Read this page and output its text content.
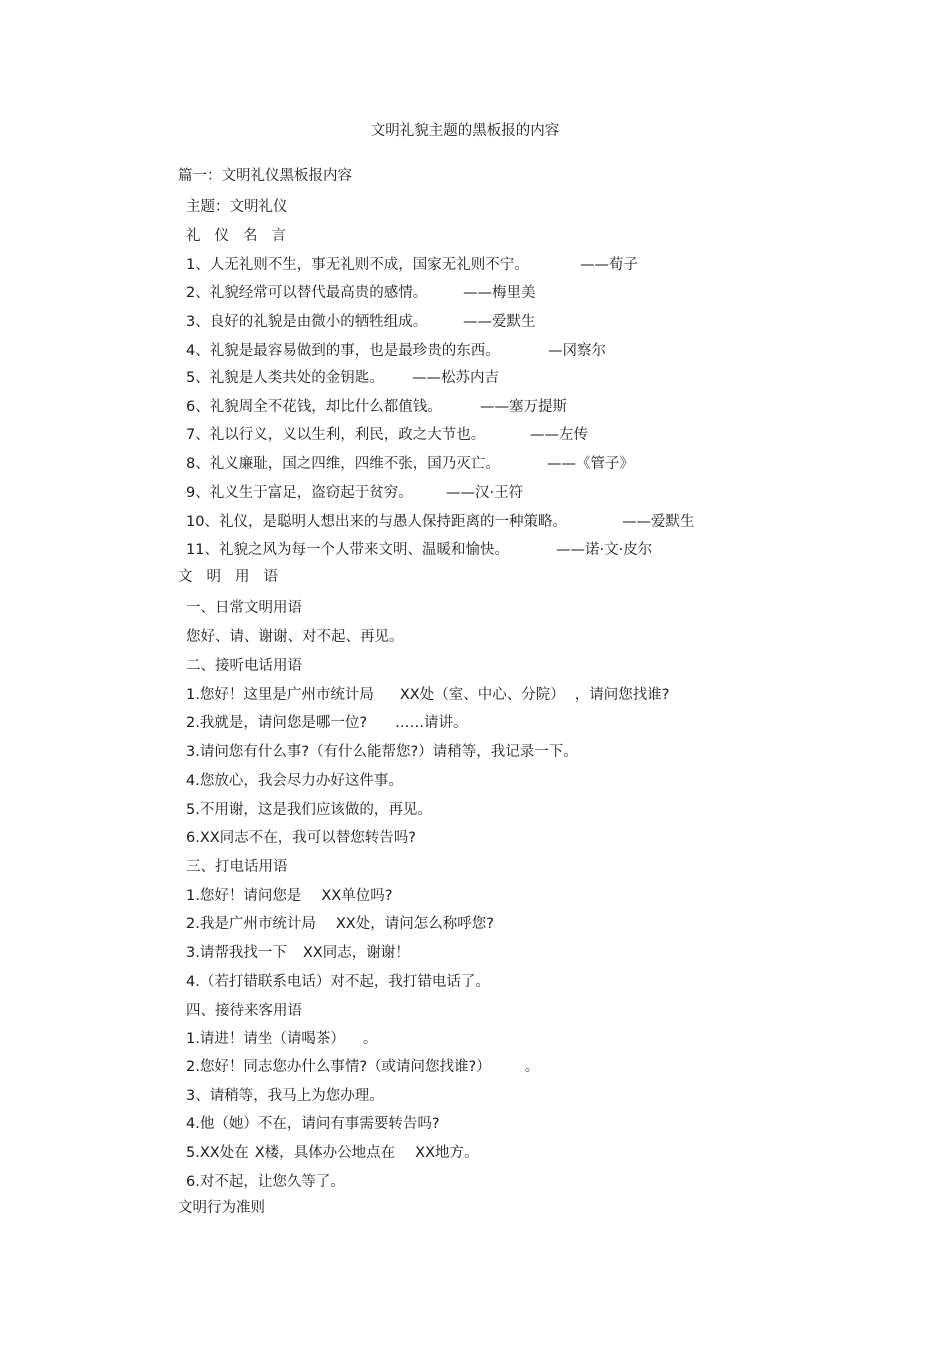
文明礼貌主题的黑板报的内容
篇一：文明礼仪黑板报内容
主题：文明礼仪
礼仪名言
1、人无礼则不生，事无礼则不成，国家无礼则不宁。	——荀子
2、礼貌经常可以替代最高贵的感情。 ——梅里美
3、良好的礼貌是由微小的牺牲组成。 ——爱默生
4、礼貌是最容易做到的事，也是最珍贵的东西。	—冈察尔
5、礼貌是人类共处的金钥匙。 ——松苏内吉
6、礼貌周全不花钱，却比什么都值钱。	——塞万提斯
7、礼以行义，义以生利，利民，政之大节也。	——左传
8、礼义廉耻，国之四维，四维不张，国乃灭亡。	——《管子》
9、礼义生于富足，盗窃起于贫穷。 ——汉·王符
10、礼仪，是聪明人想出来的与愚人保持距离的一种策略。	——爱默生
11、礼貌之风为每一个人带来文明、温暖和愉快。	——诺·文·皮尔
文明用语
一、日常文明用语
您好、请、谢谢、对不起、再见。
二、接听电话用语
1.您好！这里是广州市统计局 XX处（室、中心、分院） ，请问您找谁?
2.我就是，请问您是哪一位? ……请讲。
3.请问您有什么事?（有什么能帮您?）请稍等，我记录一下。
4.您放心，我会尽力办好这件事。
5.不用谢，这是我们应该做的，再见。
6.XX同志不在，我可以替您转告吗?
三、打电话用语
1.您好！请问您是 XX单位吗?
2.我是广州市统计局 XX处，请问怎么称呼您?
3.请帮我找一下 XX同志，谢谢！
4.（若打错联系电话）对不起，我打错电话了。
四、接待来客用语
1.请进！请坐（请喝茶） 。
2.您好！同志您办什么事情?（或请问您找谁?） 。
3、请稍等，我马上为您办理。
4.他（她）不在，请问有事需要转告吗?
5.XX处在 X楼，具体办公地点在 XX地方。
6.对不起，让您久等了。
文明行为准则
